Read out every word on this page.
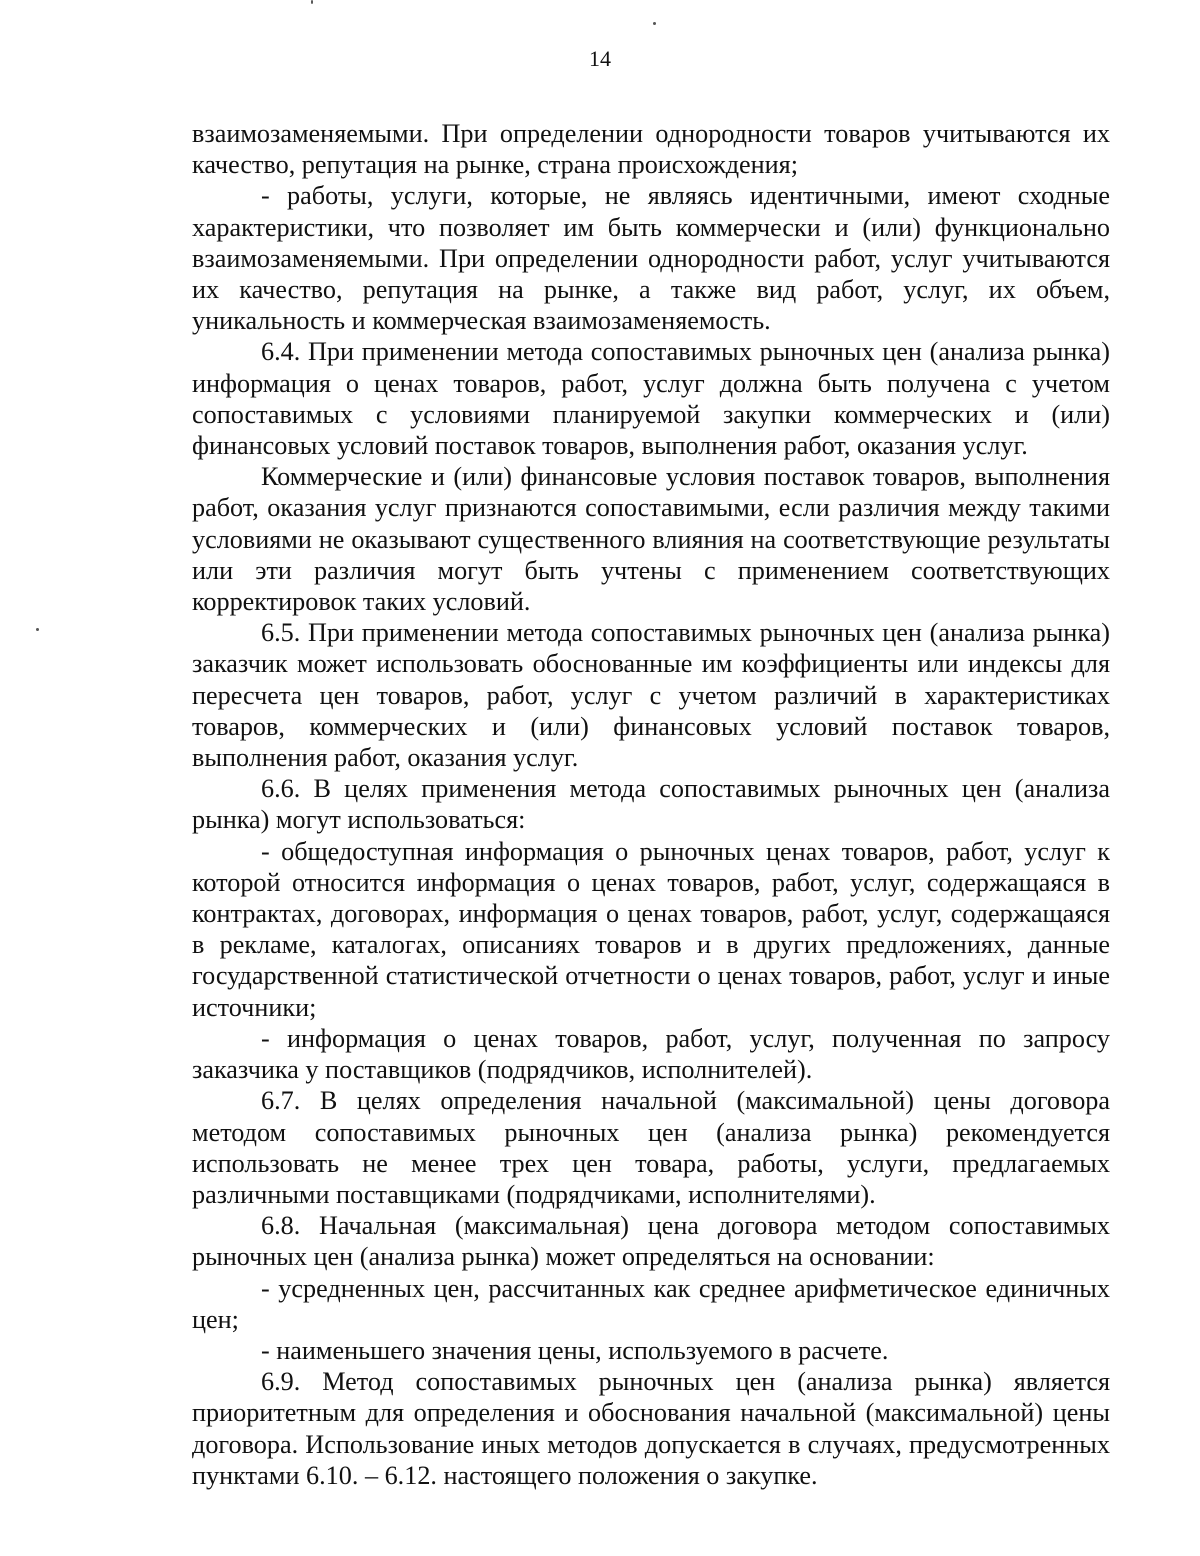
14

взаимозаменяемыми. При определении однородности товаров учитываются их качество, репутация на рынке, страна происхождения;

- работы, услуги, которые, не являясь идентичными, имеют сходные характеристики, что позволяет им быть коммерчески и (или) функционально взаимозаменяемыми. При определении однородности работ, услуг учитываются их качество, репутация на рынке, а также вид работ, услуг, их объем, уникальность и коммерческая взаимозаменяемость.

6.4. При применении метода сопоставимых рыночных цен (анализа рынка) информация о ценах товаров, работ, услуг должна быть получена с учетом сопоставимых с условиями планируемой закупки коммерческих и (или) финансовых условий поставок товаров, выполнения работ, оказания услуг.

Коммерческие и (или) финансовые условия поставок товаров, выполнения работ, оказания услуг признаются сопоставимыми, если различия между такими условиями не оказывают существенного влияния на соответствующие результаты или эти различия могут быть учтены с применением соответствующих корректировок таких условий.

6.5. При применении метода сопоставимых рыночных цен (анализа рынка) заказчик может использовать обоснованные им коэффициенты или индексы для пересчета цен товаров, работ, услуг с учетом различий в характеристиках товаров, коммерческих и (или) финансовых условий поставок товаров, выполнения работ, оказания услуг.

6.6. В целях применения метода сопоставимых рыночных цен (анализа рынка) могут использоваться:

- общедоступная информация о рыночных ценах товаров, работ, услуг к которой относится информация о ценах товаров, работ, услуг, содержащаяся в контрактах, договорах, информация о ценах товаров, работ, услуг, содержащаяся в рекламе, каталогах, описаниях товаров и в других предложениях, данные государственной статистической отчетности о ценах товаров, работ, услуг и иные источники;

- информация о ценах товаров, работ, услуг, полученная по запросу заказчика у поставщиков (подрядчиков, исполнителей).

6.7. В целях определения начальной (максимальной) цены договора методом сопоставимых рыночных цен (анализа рынка) рекомендуется использовать не менее трех цен товара, работы, услуги, предлагаемых различными поставщиками (подрядчиками, исполнителями).

6.8. Начальная (максимальная) цена договора методом сопоставимых рыночных цен (анализа рынка) может определяться на основании:

- усредненных цен, рассчитанных как среднее арифметическое единичных цен;

- наименьшего значения цены, используемого в расчете.

6.9. Метод сопоставимых рыночных цен (анализа рынка) является приоритетным для определения и обоснования начальной (максимальной) цены договора. Использование иных методов допускается в случаях, предусмотренных пунктами 6.10. – 6.12. настоящего положения о закупке.
